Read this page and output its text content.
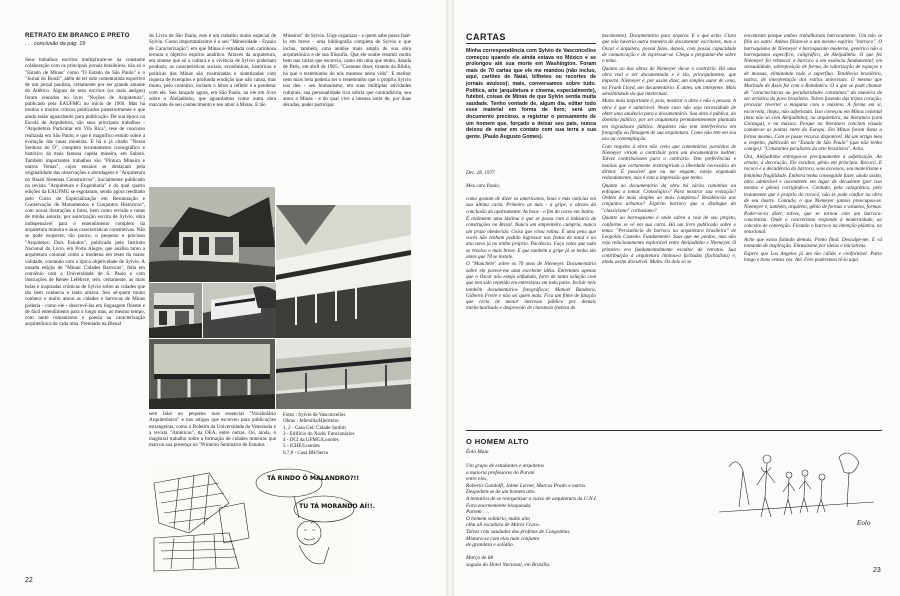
RETRATO EM BRANCO E PRETO
. . . conclusão da pág. 19

Seus trabalhos escritos multiplicam-se na constante colaboração com os principais jornais brasileiros, não só o "Estado de Minas" como "O Estado de São Paulo" e o "Jornal do Brasil", além de ter sido comentarista esportivo de um jornal paulista, certamente por ser grande amante do Atlético. Alguns de seus escritos (os mais antigos) foram reunidos no livro "Noções de Arquitetura", publicado pela EAUFMG no início de 1960. Mas há muitos e muitos críticos publicados posteriormente e que ainda estão aguardando para publicação. De sua época na Escola de Arquitetura, são seus principais trabalhos - "Arquitetura Particular em Vila Rica", tese de concurso realizada em São Paulo, e que é magnífico estudo sobre a evolução das casas mineiras. E há o já citado "Nossa Senhora do Ó", completo levantamento iconográfico e histórico da mais famosa capela mineira, em Sabará. Também importantes trabalhos são "Pintura Mineira e outros Temas", cujos ensaios se destacam pela originalidade das observações e abordagens e "Arquitetura no Brasil Sistemas Construtivos", inicialmente publicado na revista "Arquitetura e Engenharia" e do qual quatro edições da EAUFMG se esgotaram, sendo agora reeditado pelo Curso de Especialização em Restauração e Conservação de Monumentos e Conjuntos Históricos", com novas ilustrações e fotos, bem como revisão e notas de minha autoria, por autorização escrita de Sylvio, ohra indispensável para o entendimento completo da arquitetura mineira e suas características construtivas. Não se pode esquecer, tão pouco, o pequeno e precioso "Arquitetos: Dois Estudos", publicado pelo Instituto Nacional do Livro, em Porto Alegre, que analisa tanto a arquitetura colonial como a moderna em teses da maior validade, contando com a típica objetividade de Sylvio. A ousada edição de "Minas: Cidades Barrocas", feita em convênio com a Universidade de S. Paulo e com ilustrações de Renée Lefèbvre, tem, certamente, as mais belas e inspiradas crônicas de Sylvio sobre as cidades que tão bem conhecia e tanto amava. Seu sê-quem muito conhece e muito amou as cidades e barrocas de Minas poderia - como ele - descrevê-las em linguagem fluente e de fácil entendimento para o longo mas, ao mesmo tempo, com tanto romantismo e poesia na caracterização arquitetônica de cada uma. Premiado na Bienal

do Livro de São Paulo, este é um trabalho muito especial de Sylvio. Como importantíssimo é o seu "Mineiridade - Ensaio de Caracterização", em que Minas é estudada com carinhosa ternura e objetivo espírito analítico. Através da arquitetura, em síntese que só a cultura e a vivência de Sylvio poderiam produzir, as características sociais, econômicas, históricas e políticas das Minas são examinadas e sintetizadas com riqueza de exemplos e profunda erudição que não cansa, mas muito, pelo contrário, incitam o leitor a refletir e a ponderar com ele. Seu lançado agora, em São Paulo, na ele em livro sobre o Aleijadinho, que aguardamos como outra obra marcante de seu conhecimento e seu amor à Minas. E tão

Mineiros" de Sylvio. Urge organizar - e quem sabe possa fazê-lo em breve - uma bibliografia completa de Sylvio e que inclua, também, uma análise mais ampla de sua obra arquitetônica e de sua filosofia. Que ele soube resumir muito bem nas cartas que escrevia, como em uma que tenho, datada de Paris, em abril de 1965: "Costume dizer, tirando da Bíblia, há que o testemunho do nós mesmos nesta vida". E melhor nem mais bela poderia ser o testemunho que o próprio Sylvio nos deu - seu humanismo, em suas múltiplas atividades culturais, sua personalidade rica sóbria que contradiziria, seu amor a Minas - e do qual vive a imensa sorte de, por duas décadas, poder participar.

sem falar no pequeno mas essencial "Vocabulário Arquitetônico" e nos artigos que escreveu para publicações estrangeiras, como o Boletim da Universidade da Venezuela e a revista "Américas", da OEA, entre outras. Ou, ainda, o magistral trabalho sobre a formação de cidades mineiras que marcou sua presença no "Primeiro Seminário de Estudos

Fotos : Sylvio de Vasconcellos
Obras : Jefersilla/Hjelrteiro
1, 2 - Casa Gel/ Cidade Jardim
3 - Edifício do Xodó/ Funcionários
4 - DCI da UFMG/Lourdes
5 - ICHE/Lourdes
6,7,8 - Casa BH/Serra
TÁ RINDO Ó MALANDRO?!!
TU TÁ MORANDO AÍ!!.
22
CARTAS

Minha correspondência com Sylvio de Vasconcellos começou quando ele ainda estava no México e se prolongou até sua morte em Washington. Foram mais de 70 cartas que ele me mandou (não incluo, aqui, cartões de Natal, bilhetes ou recortes de jornais avulsos); mais, conversamos sobre tudo. Política, arte (arquitetura e cinema, especialmente), futebol, coisas de Minas de que Sylvio sentia muita saudade. Tenho vontade de, algum dia, editar todo esse material em forma de livro; será um documento precioso, a registrar o pensamento de um homem que, forçado a deixar seu país, nunca deixou de estar em contato com sua terra e sua gente. (Paulo Augusto Gomes).

Dec. 28, 1977

Meu caro Paulo,

como gostam de dizer os americanos, boas e más notícias em sua última carta. Primeiro as más - a gripe, o atraso da conclusão do apartamento. As boas - o fim do curso em Junho.

É realmente uma lástima o que se passa com a indústria de construções no Brasil. Nunca um empreiteiro cumpriu, nunca um prazo obedecido. Coisa que virou rotina. É uma pena que vocês não tenham podido ingressar nas festas de natal e no ano novo já no ninho próprio. Paciência. Faço votos que tudo se resolva o mais breve. E que também a gripe já se tenha ido antes que 78 se instale.

O "Manchete" sobre os 70 anos de Niemeyer. Documentário sobre ele parece-me uma excelente idéia. Entretanto apenas que o Oscar não esteja enfadado, farto de tanta solução com que tem sido repetido em entrevistas em toda parte. Incluir nele também documentários fotográficos: Manoel Bandeira, Gilberto Freire e não sei quem mais. Fica um filme de falação que ceria de menor interesse público por demais intelectualizado e desprovido de cinestesia (beleza de

movimento). Documentário para arquivo. E o que acho. Claro que não haveria outra maneira de documentar escritores, mas o Oscar é arquiteto, possui fatos, depois, com possui capacidade de comunicação e de expressar-se. Chega a perguntar-lhe sobre o tema.

Quanto ao das obras de Niemeyer dá-se o contrário. Há uma obra real e ser documentada e é ela, principalmente, que importa. Niemeyer é, por assim dizer, um simples autor de cena, na Frank Lloyd, um documentário. E antes, um intérprete. Mais sensibilidade do que intelectual.

Muito mais importante é, pois, mostrar a obra e não a pessoa. A obra é que é admirável. Neste caso não seja necessidade de obter uma anuência para o documentário. Sua obra é pública, do domínio público, por ser arquitetura permanentemente plantada em logradouro público. Arquiteto não tem interferência em fotografia ou filmagem de sua arquitetura. Como não tem em seu uso ou contemplação.

Com respeito à obra não creio que comentários paralelos de Niemeyer viriam a contribuir para um documentário melhor. Talvez contribuíssem para o contrário. Tem preferências e manias que certamente restringiriam a liberdade necessária do diretor. É possível que eu me engane, esteja enganado redondamente, mas é esta a impressão que tenho.

Quanto ao documentário da obra há vários caminhos ou enfoques a tomar. Cronológico? Para mostrar sua evolução? Ordem do mais simples ao mais complexo? Residências aos conjuntos urbanos? Espírito barroco que a distingue do "classicismo" corbusiano?

Quanto ao barroquismo é onde sobra a raiz de seu projeto, conforme se vê em sua carta. Há um livro publicado sobre o tema: "Persistência do barroco na arquitetura brasileira" de Leopoldo Castedo. Fundamentei. Suas que me perdoe, mas não vejo relacionamento explorável entre Aleijadinho e Niemeyer. O primeiro era fundamentalmente escultor de retratos. Sua contribuição à arquitetura limitou-a fachadas (fachadista) e, ainda assim discutível. Muito. Os dois só se

encontram porque ambos trabalharam barrocamente. Um não se filia ao outro. Ambos filiam-se a um mesmo espírito "barroco". O barroquismo de Niemeyer é barroquismo moderno, genérico não a barroquismo específico, caligráfico, de Aleijadinho. O que fez Niemeyer foi rebuscar o barroco a em essência fundamental, em sensualidade, sobreposição de forma, de valorização de espaços e de massas, eliminando todo a superfluo. Tendência brasileira, nativa, de interpretação dos estilos universais. O mesmo que Machado de Assis fez com o Romântico. O a que se pode chamar de "características ou peculiaridades constantes" da maneira de ser artística do povo brasileiro. Talvez fazendo das tripas coração, procurar reverter a máquina com o máximo. A forma em si, escorreita, limpa, não adjetivada. Isso começou em Minas colonial (mas não só com Aleijadinho), na arquitetura, na literatura (com Gonzaga), e na música. Porque na literatura conclam visuais comum-se as pontas entre do Europa. Em Minas foram listas a forma mesmo. Com se posse recurso disponível. Há um artigo meu a respeito, publicado no "Estado de São Paulo" (que não tenho comigo): "Constantes peculiares da arte brasileira". Acho.

Ora, Aleijadinho entregou-se precipuamente à adjetivação. Ao ornato, à decoração. Ele escultor, gênio em princípio. Rococó. E rococó é a decadência do barroco, seus excessos, seu maneirismo e feminina fragilidade. Embora tenha conseguido fazer, ainda assim, obra admirável e ascendente em lugar de decadente (por isso mesmo é gênio) corrigindo-o. Contudo, pela calogrática, pelo tratamento que é próprio do rococó, não se pode confiar na obra de seu ilustre. Contudo, o que Niemeyer jamais preocupou-se. Niemeyer é, também, arquiteto, gênio de formas e volumes, formas. Poder-se-ia dizer, talvez, que se tornou com um barroco-concretista. Onde o concretismo responde à modernidade, ao conceito de contenção. Ficando o barroco na intenção plástica, no emocional.

Acho que estou falando demais. Ponto final. Desculpe-me. E vá tomando de inspiração. Entusiasmo por ideias e iniciativas.

Espero que Los Angeles já um tão cálido e confortável. Parto longo e bons ventos vos. Até. Fere poderemos tê-lo aqui.

O HOMEM ALTO
Éolo Maia
Um grupo de estudantes e arquitetos
a maioria professores do Parani
entre eles,
Roberto Gandolfi, Jaime Lerner, Marcos Prado e outros.
Despedem-se de um homem alto.
A tentativa de se reorganizar o curso de arquitetura da U.N.I.
Fora enormemente bloqueada.
Partem . . .
O homem solitário, muito alto
olha ali escultura de Mário Cravo.
Talvez com saudades dos profetas de Congonhas.
Mistura-se com elas num conjunto
de grandeza e solidão.

Março de 68
saguão do Hotel Nacional, em Brasília.
Eolo
23
